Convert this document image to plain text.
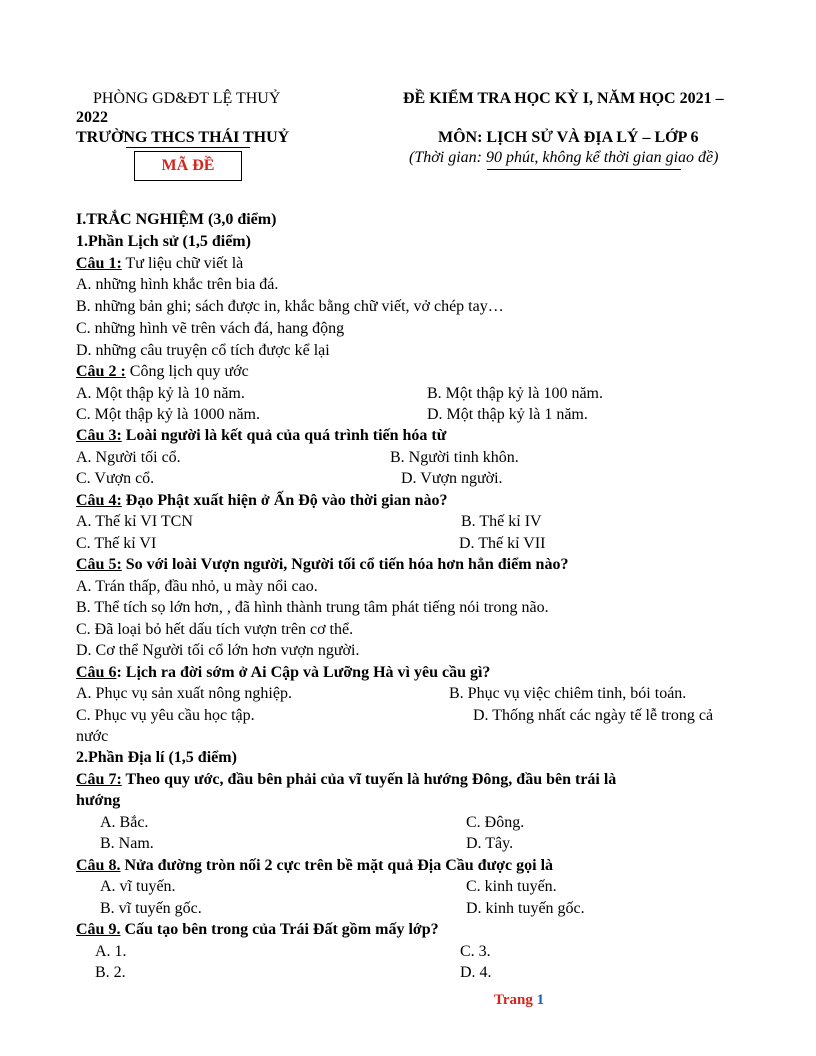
PHÒNG GD&ĐT LỆ THUỶ	ĐỀ KIỂM TRA HỌC KỲ I, NĂM HỌC 2021 –
2022
TRƯỜNG THCS THÁI THUỶ	MÔN: LỊCH SỬ VÀ ĐỊA LÝ – LỚP 6
MÃ ĐỀ	(Thời gian: 90 phút, không kể thời gian giao đề)
I.TRẮC NGHIỆM (3,0 điểm)
1.Phần Lịch sử (1,5 điểm)
Câu 1: Tư liệu chữ viết là
A. những hình khắc trên bia đá.
B. những bản ghi; sách được in, khắc bằng chữ viết, vở chép tay…
C. những hình vẽ trên vách đá, hang động
D. những câu truyện cổ tích được kể lại
Câu 2 : Công lịch quy ước
A. Một thập kỷ là 10 năm.	B. Một thập kỷ là 100 năm.
C. Một thập kỷ là 1000 năm.	D. Một thập kỷ là 1 năm.
Câu 3: Loài người là kết quả của quá trình tiến hóa từ
A. Người tối cổ.	B. Người tinh khôn.
C. Vượn cổ.	D. Vượn người.
Câu 4: Đạo Phật xuất hiện ở Ấn Độ vào thời gian nào?
A. Thế kỉ VI TCN	B. Thế kỉ IV
C. Thế kỉ VI	D. Thế kỉ VII
Câu 5: So với loài Vượn người, Người tối cổ tiến hóa hơn hẳn điểm nào?
A. Trán thấp, đầu nhỏ, u mày nổi cao.
B. Thể tích sọ lớn hơn, , đã hình thành trung tâm phát tiếng nói trong não.
C. Đã loại bỏ hết dấu tích vượn trên cơ thể.
D. Cơ thể Người tối cổ lớn hơn vượn người.
Câu 6: Lịch ra đời sớm ở Ai Cập và Lưỡng Hà vì yêu cầu gì?
A. Phục vụ sản xuất nông nghiệp.	B. Phục vụ việc chiêm tinh, bói toán.
C. Phục vụ yêu cầu học tập.	D. Thống nhất các ngày tế lễ trong cả
nước
2.Phần Địa lí (1,5 điểm)
Câu 7: Theo quy ước, đầu bên phải của vĩ tuyến là hướng Đông, đầu bên trái là
hướng
A. Bắc.	C. Đông.
B. Nam.	D. Tây.
Câu 8. Nửa đường tròn nối 2 cực trên bề mặt quả Địa Cầu được gọi là
A. vĩ tuyến.	C. kinh tuyến.
B. vĩ tuyến gốc.	D. kinh tuyến gốc.
Câu 9. Cấu tạo bên trong của Trái Đất gồm mấy lớp?
A. 1.	C. 3.
B. 2.	D. 4.
Trang 1
